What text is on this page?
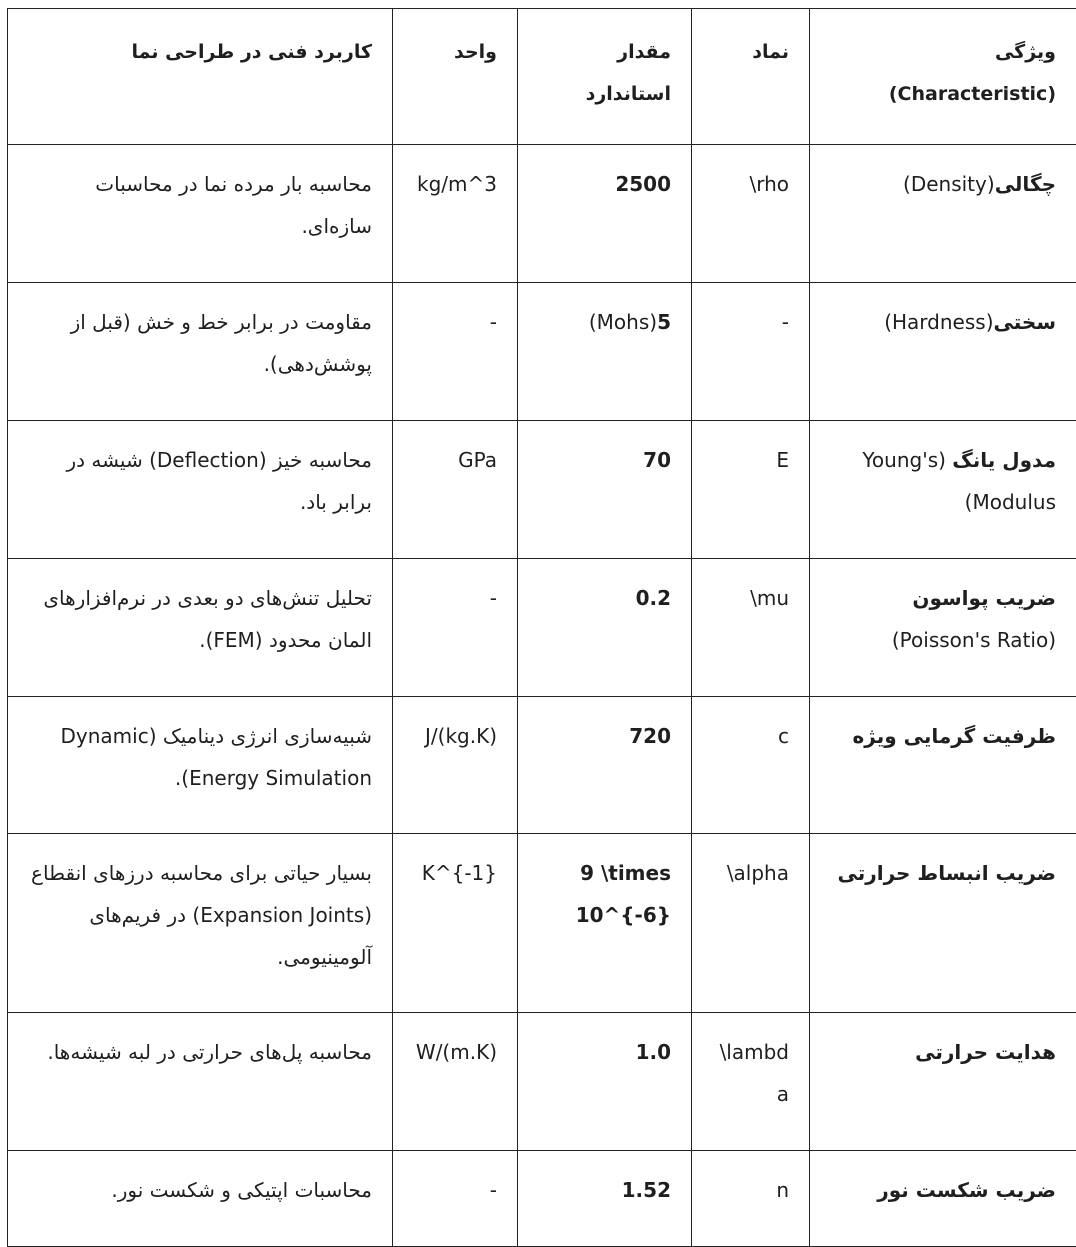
ویژگی (Characteristic)	نماد	مقدار استاندارد	واحد	کاربرد فنی در طراحی نما
چگالی(Density)	\rho	2500	kg/m^3	محاسبه بار مرده نما در محاسبات سازه‌ای.
سختی(Hardness)	-	5 (Mohs)	-	مقاومت در برابر خط و خش (قبل از پوشش‌دهی).
مدول یانگ (Young's Modulus)	E	70	GPa	محاسبه خیز (Deflection) شیشه در برابر باد.
ضریب پواسون (Poisson's Ratio)	\mu	0.2	-	تحلیل تنش‌های دو بعدی در نرم‌افزارهای المان محدود (FEM).
ظرفیت گرمایی ویژه	c	720	J/(kg.K)	شبیه‌سازی انرژی دینامیک (Dynamic Energy Simulation).
ضریب انبساط حرارتی	\alpha	9 \times 10^{-6}	K^{-1}	بسیار حیاتی برای محاسبه درزهای انقطاع (Expansion Joints) در فریم‌های آلومینیومی.
هدایت حرارتی	\lambda	1.0	W/(m.K)	محاسبه پل‌های حرارتی در لبه شیشه‌ها.
ضریب شکست نور	n	1.52	-	محاسبات اپتیکی و شکست نور.
